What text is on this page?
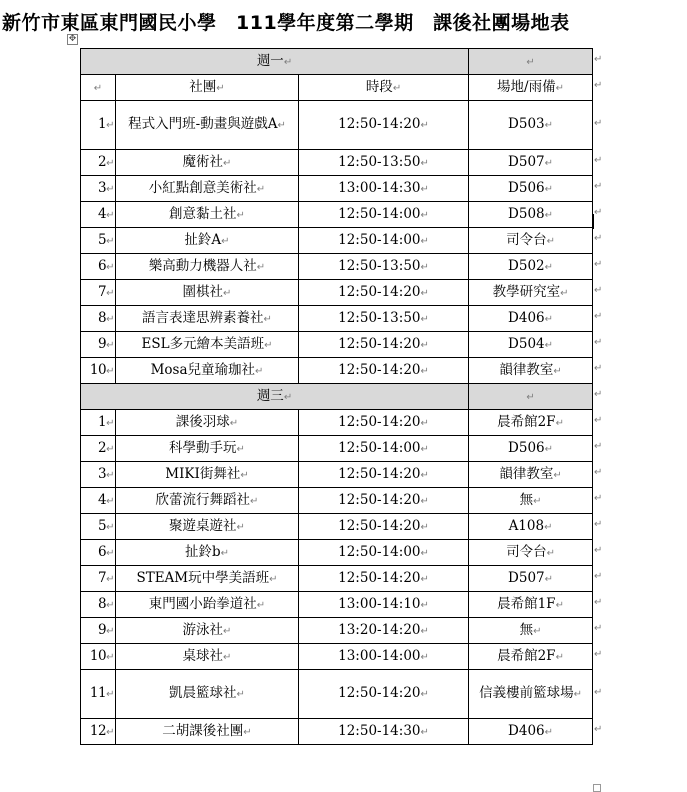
新竹市東區東門國民小學　111學年度第二學期　課後社團場地表
✥
週一↵			↵
↵	社團↵	時段↵	場地/雨備↵
1↵	程式入門班-動畫與遊戲A↵	12:50-14:20↵	D503↵
2↵	魔術社↵	12:50-13:50↵	D507↵
3↵	小紅點創意美術社↵	13:00-14:30↵	D506↵
4↵	創意黏土社↵	12:50-14:00↵	D508↵
5↵	扯鈴A↵	12:50-14:00↵	司令台↵
6↵	樂高動力機器人社↵	12:50-13:50↵	D502↵
7↵	圍棋社↵	12:50-14:20↵	教學研究室↵
8↵	語言表達思辨素養社↵	12:50-13:50↵	D406↵
9↵	ESL多元繪本美語班↵	12:50-14:20↵	D504↵
10↵	Mosa兒童瑜珈社↵	12:50-14:20↵	韻律教室↵
週三↵			↵
1↵	課後羽球↵	12:50-14:20↵	晨希館2F↵
2↵	科學動手玩↵	12:50-14:00↵	D506↵
3↵	MIKI街舞社↵	12:50-14:20↵	韻律教室↵
4↵	欣蕾流行舞蹈社↵	12:50-14:20↵	無↵
5↵	聚遊桌遊社↵	12:50-14:20↵	A108↵
6↵	扯鈴b↵	12:50-14:00↵	司令台↵
7↵	STEAM玩中學美語班↵	12:50-14:20↵	D507↵
8↵	東門國小跆拳道社↵	13:00-14:10↵	晨希館1F↵
9↵	游泳社↵	13:20-14:20↵	無↵
10↵	桌球社↵	13:00-14:00↵	晨希館2F↵
11↵	凱晨籃球社↵	12:50-14:20↵	信義樓前籃球場↵
12↵	二胡課後社團↵	12:50-14:30↵	D406↵
↵
↵
↵
↵
↵
↵
↵
↵
↵
↵
↵
↵
↵
↵
↵
↵
↵
↵
↵
↵
↵
↵
↵
↵
↵
